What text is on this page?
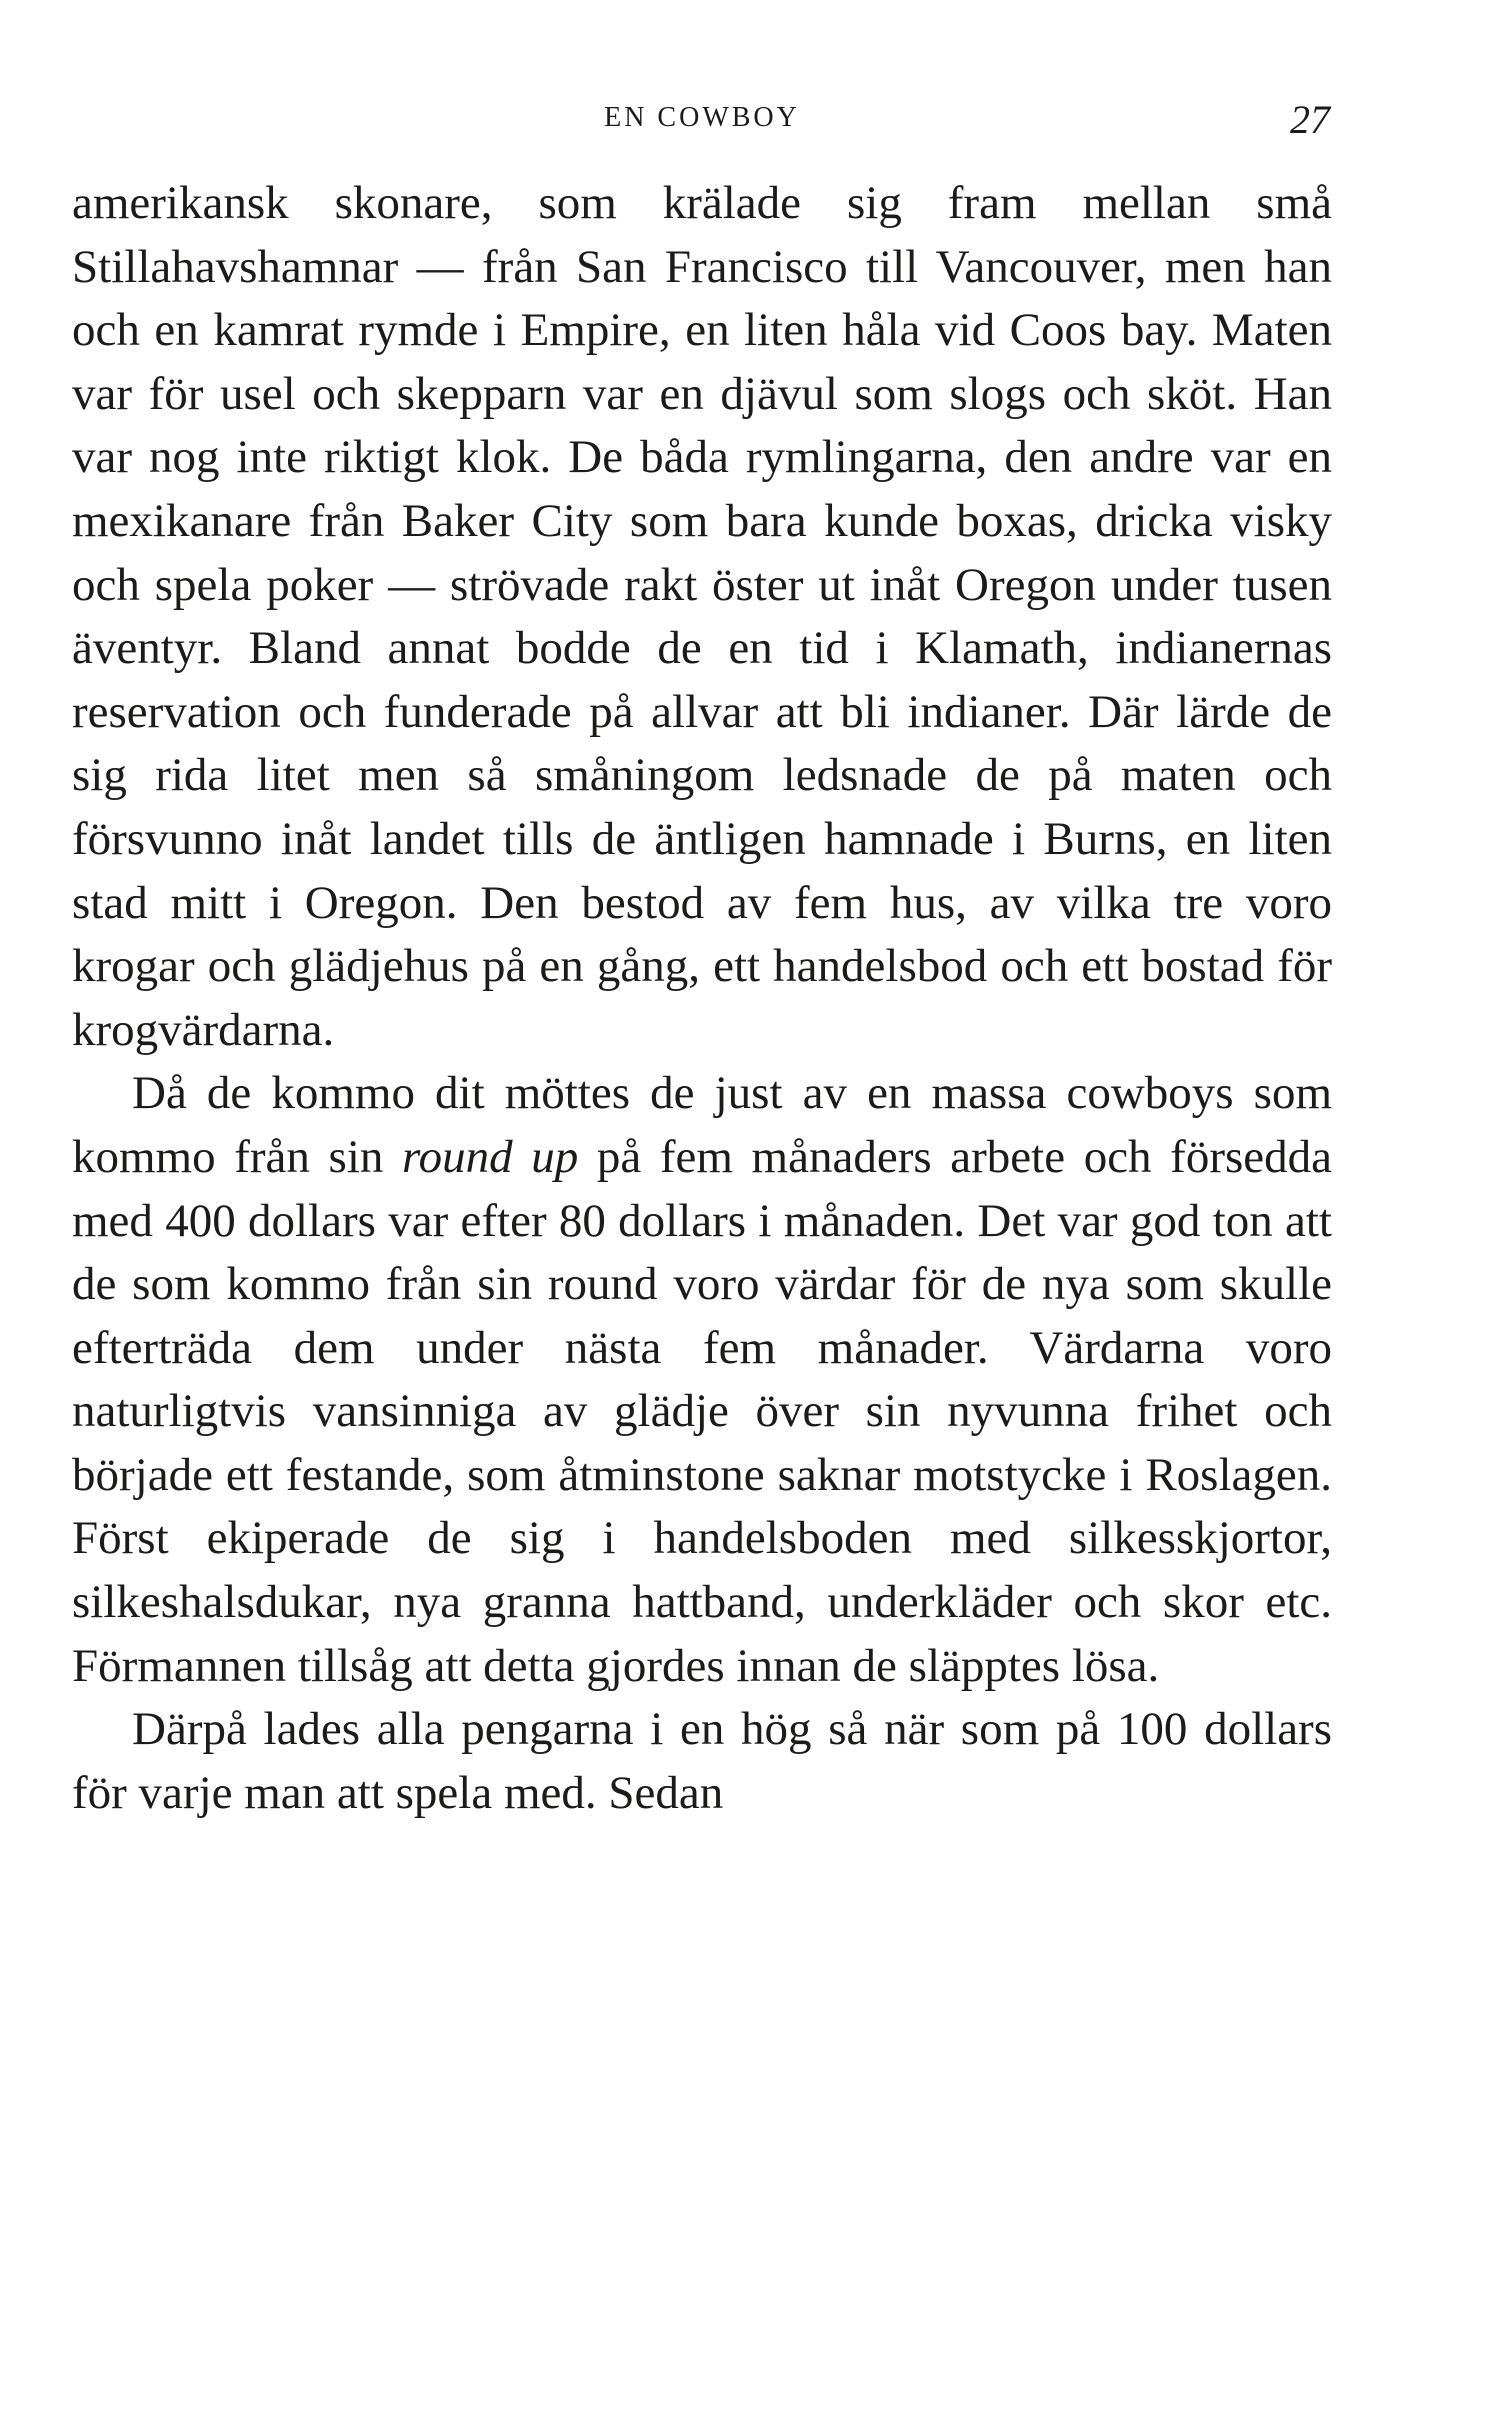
EN COWBOY	27

amerikansk skonare, som krälade sig fram mellan små Stillahavshamnar — från San Francisco till Vancouver, men han och en kamrat rymde i Empire, en liten håla vid Coos bay. Maten var för usel och skepparn var en djävul som slogs och sköt. Han var nog inte riktigt klok. De båda rymlingarna, den andre var en mexikanare från Baker City som bara kunde boxas, dricka visky och spela poker — strövade rakt öster ut inåt Oregon under tusen äventyr. Bland annat bodde de en tid i Klamath, indianernas reservation och funderade på allvar att bli indianer. Där lärde de sig rida litet men så småningom ledsnade de på maten och försvunno inåt landet tills de äntligen hamnade i Burns, en liten stad mitt i Oregon. Den bestod av fem hus, av vilka tre voro krogar och glädjehus på en gång, ett handelsbod och ett bostad för krogvärdarna.

Då de kommo dit möttes de just av en massa cowboys som kommo från sin round up på fem månaders arbete och försedda med 400 dollars var efter 80 dollars i månaden. Det var god ton att de som kommo från sin round voro värdar för de nya som skulle efterträda dem under nästa fem månader. Värdarna voro naturligtvis vansinniga av glädje över sin nyvunna frihet och började ett festande, som åtminstone saknar motstycke i Roslagen. Först ekiperade de sig i handelsboden med silkesskjortor, silkeshalsdukar, nya granna hattband, underkläder och skor etc. Förmannen tillsåg att detta gjordes innan de släpptes lösa.

Därpå lades alla pengarna i en hög så när som på 100 dollars för varje man att spela med. Sedan
